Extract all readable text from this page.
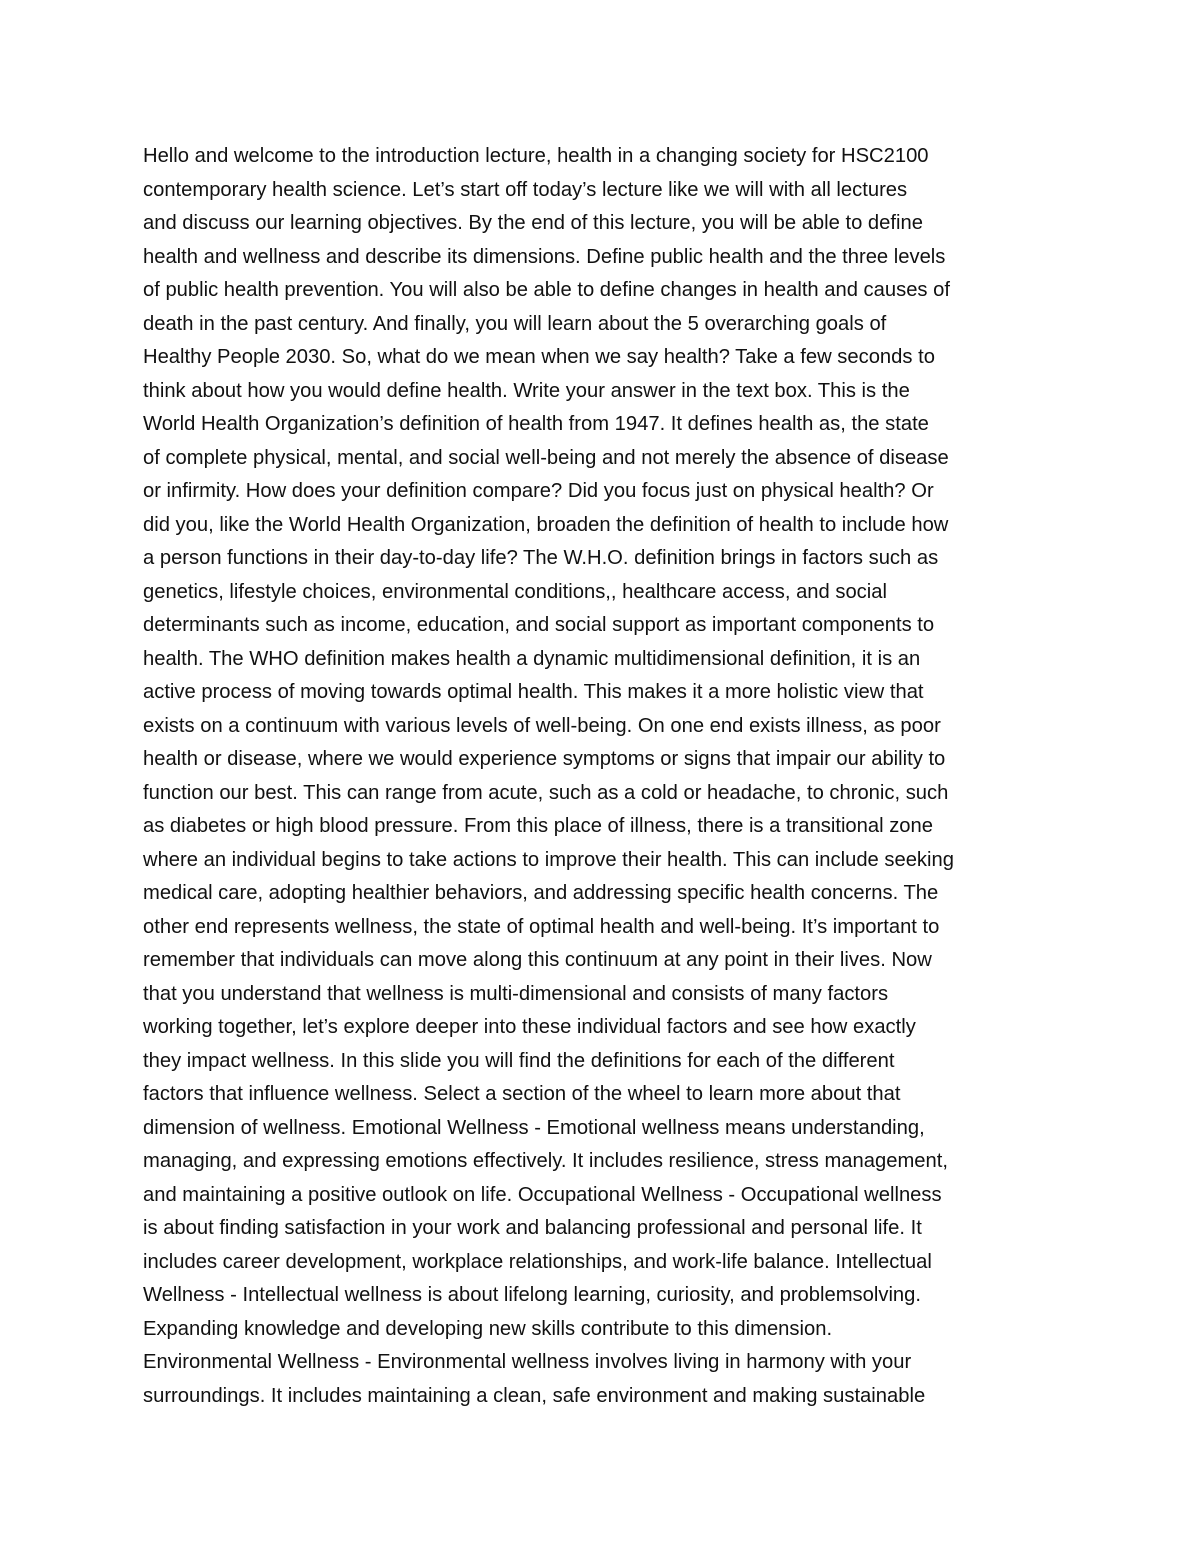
Hello and welcome to the introduction lecture, health in a changing society for HSC2100
contemporary health science. Let’s start off today’s lecture like we will with all lectures
and discuss our learning objectives. By the end of this lecture, you will be able to define
health and wellness and describe its dimensions. Define public health and the three levels
of public health prevention. You will also be able to define changes in health and causes of
death in the past century. And finally, you will learn about the 5 overarching goals of
Healthy People 2030. So, what do we mean when we say health? Take a few seconds to
think about how you would define health. Write your answer in the text box. This is the
World Health Organization’s definition of health from 1947. It defines health as, the state
of complete physical, mental, and social well-being and not merely the absence of disease
or infirmity. How does your definition compare? Did you focus just on physical health? Or
did you, like the World Health Organization, broaden the definition of health to include how
a person functions in their day-to-day life? The W.H.O. definition brings in factors such as
genetics, lifestyle choices, environmental conditions,, healthcare access, and social
determinants such as income, education, and social support as important components to
health. The WHO definition makes health a dynamic multidimensional definition, it is an
active process of moving towards optimal health. This makes it a more holistic view that
exists on a continuum with various levels of well-being. On one end exists illness, as poor
health or disease, where we would experience symptoms or signs that impair our ability to
function our best. This can range from acute, such as a cold or headache, to chronic, such
as diabetes or high blood pressure. From this place of illness, there is a transitional zone
where an individual begins to take actions to improve their health. This can include seeking
medical care, adopting healthier behaviors, and addressing specific health concerns. The
other end represents wellness, the state of optimal health and well-being. It’s important to
remember that individuals can move along this continuum at any point in their lives. Now
that you understand that wellness is multi-dimensional and consists of many factors
working together, let’s explore deeper into these individual factors and see how exactly
they impact wellness. In this slide you will find the definitions for each of the different
factors that influence wellness. Select a section of the wheel to learn more about that
dimension of wellness. Emotional Wellness - Emotional wellness means understanding,
managing, and expressing emotions effectively. It includes resilience, stress management,
and maintaining a positive outlook on life. Occupational Wellness - Occupational wellness
is about finding satisfaction in your work and balancing professional and personal life. It
includes career development, workplace relationships, and work-life balance. Intellectual
Wellness - Intellectual wellness is about lifelong learning, curiosity, and problemsolving.
Expanding knowledge and developing new skills contribute to this dimension.
Environmental Wellness - Environmental wellness involves living in harmony with your
surroundings. It includes maintaining a clean, safe environment and making sustainable
